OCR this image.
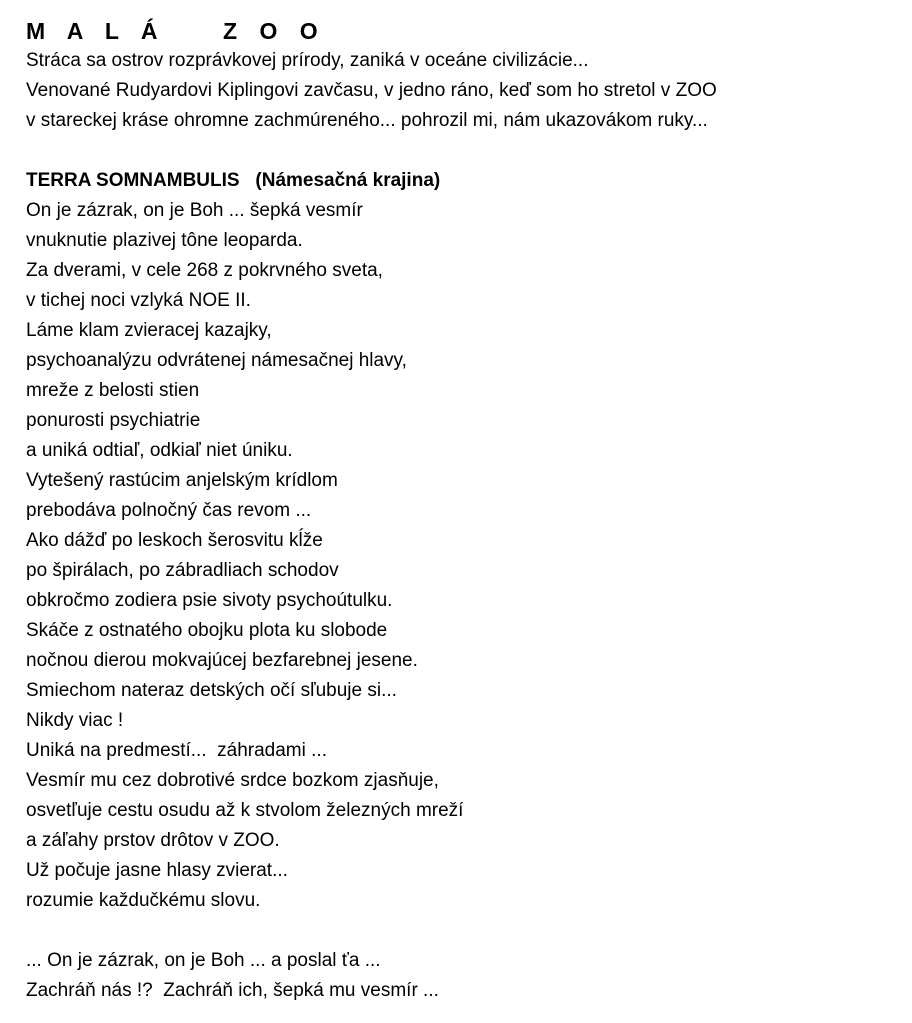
M A L Á    Z O O
Stráca sa ostrov rozprávkovej prírody, zaniká v oceáne civilizácie...
Venované Rudyardovi Kiplingovi zavčasu, v jedno ráno, keď som ho stretol v ZOO
v stareckej kráse ohromne zachmúreného... pohrozil mi, nám ukazovákom ruky...
TERRA SOMNAMBULIS   (Námesačná krajina)
On je zázrak, on je Boh ... šepká vesmír
vnuknutie plazivej tône leoparda.
Za dverami, v cele 268 z pokrvného sveta,
v tichej noci vzlyká NOE II.
Láme klam zvieracej kazajky,
psychoanalýzu odvrátenej námesačnej hlavy,
mreže z belosti stien
ponurosti psychiatrie
a uniká odtiaľ, odkiaľ niet úniku.
Vytešený rastúcim anjelským krídlom
prebodáva polnočný čas revom ...
Ako dážď po leskoch šerosvitu kĺže
po špirálach, po zábradliach schodov
obkročmo zodiera psie sivoty psychoútulku.
Skáče z ostnatého obojku plota ku slobode
nočnou dierou mokvajúcej bezfarebnej jesene.
Smiechom nateraz detských očí sľubuje si...
Nikdy viac !
Uniká na predmestí...  záhradami ...
Vesmír mu cez dobrotivé srdce bozkom zjasňuje,
osvetľuje cestu osudu až k stvolom železných mreží
a záľahy prstov drôtov v ZOO.
Už počuje jasne hlasy zvierat...
rozumie každučkému slovu.
... On je zázrak, on je Boh ... a poslal ťa ...
Zachráň nás !?  Zachráň ich, šepká mu vesmír ...
